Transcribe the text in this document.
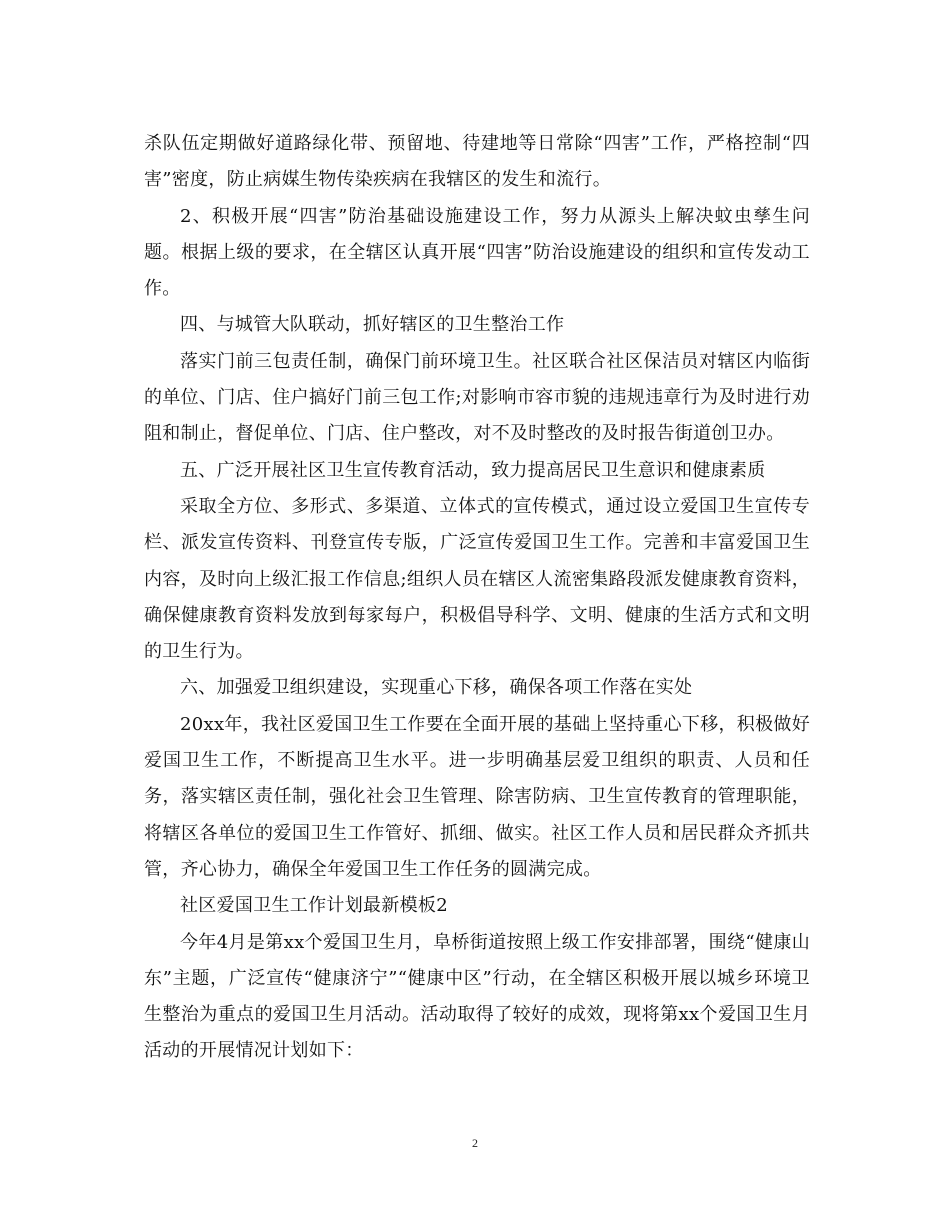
杀队伍定期做好道路绿化带、预留地、待建地等日常除“四害”工作，严格控制“四害”密度，防止病媒生物传染疾病在我辖区的发生和流行。

2、积极开展“四害”防治基础设施建设工作，努力从源头上解决蚊虫孳生问题。根据上级的要求，在全辖区认真开展“四害”防治设施建设的组织和宣传发动工作。

四、与城管大队联动，抓好辖区的卫生整治工作

落实门前三包责任制，确保门前环境卫生。社区联合社区保洁员对辖区内临街的单位、门店、住户搞好门前三包工作;对影响市容市貌的违规违章行为及时进行劝阻和制止，督促单位、门店、住户整改，对不及时整改的及时报告街道创卫办。

五、广泛开展社区卫生宣传教育活动，致力提高居民卫生意识和健康素质

采取全方位、多形式、多渠道、立体式的宣传模式，通过设立爱国卫生宣传专栏、派发宣传资料、刊登宣传专版，广泛宣传爱国卫生工作。完善和丰富爱国卫生内容，及时向上级汇报工作信息;组织人员在辖区人流密集路段派发健康教育资料，确保健康教育资料发放到每家每户，积极倡导科学、文明、健康的生活方式和文明的卫生行为。

六、加强爱卫组织建设，实现重心下移，确保各项工作落在实处

20xx年，我社区爱国卫生工作要在全面开展的基础上坚持重心下移，积极做好爱国卫生工作，不断提高卫生水平。进一步明确基层爱卫组织的职责、人员和任务，落实辖区责任制，强化社会卫生管理、除害防病、卫生宣传教育的管理职能，将辖区各单位的爱国卫生工作管好、抓细、做实。社区工作人员和居民群众齐抓共管，齐心协力，确保全年爱国卫生工作任务的圆满完成。

社区爱国卫生工作计划最新模板2

今年4月是第xx个爱国卫生月，阜桥街道按照上级工作安排部署，围绕“健康山东”主题，广泛宣传“健康济宁”“健康中区”行动，在全辖区积极开展以城乡环境卫生整治为重点的爱国卫生月活动。活动取得了较好的成效，现将第xx个爱国卫生月活动的开展情况计划如下：

2
